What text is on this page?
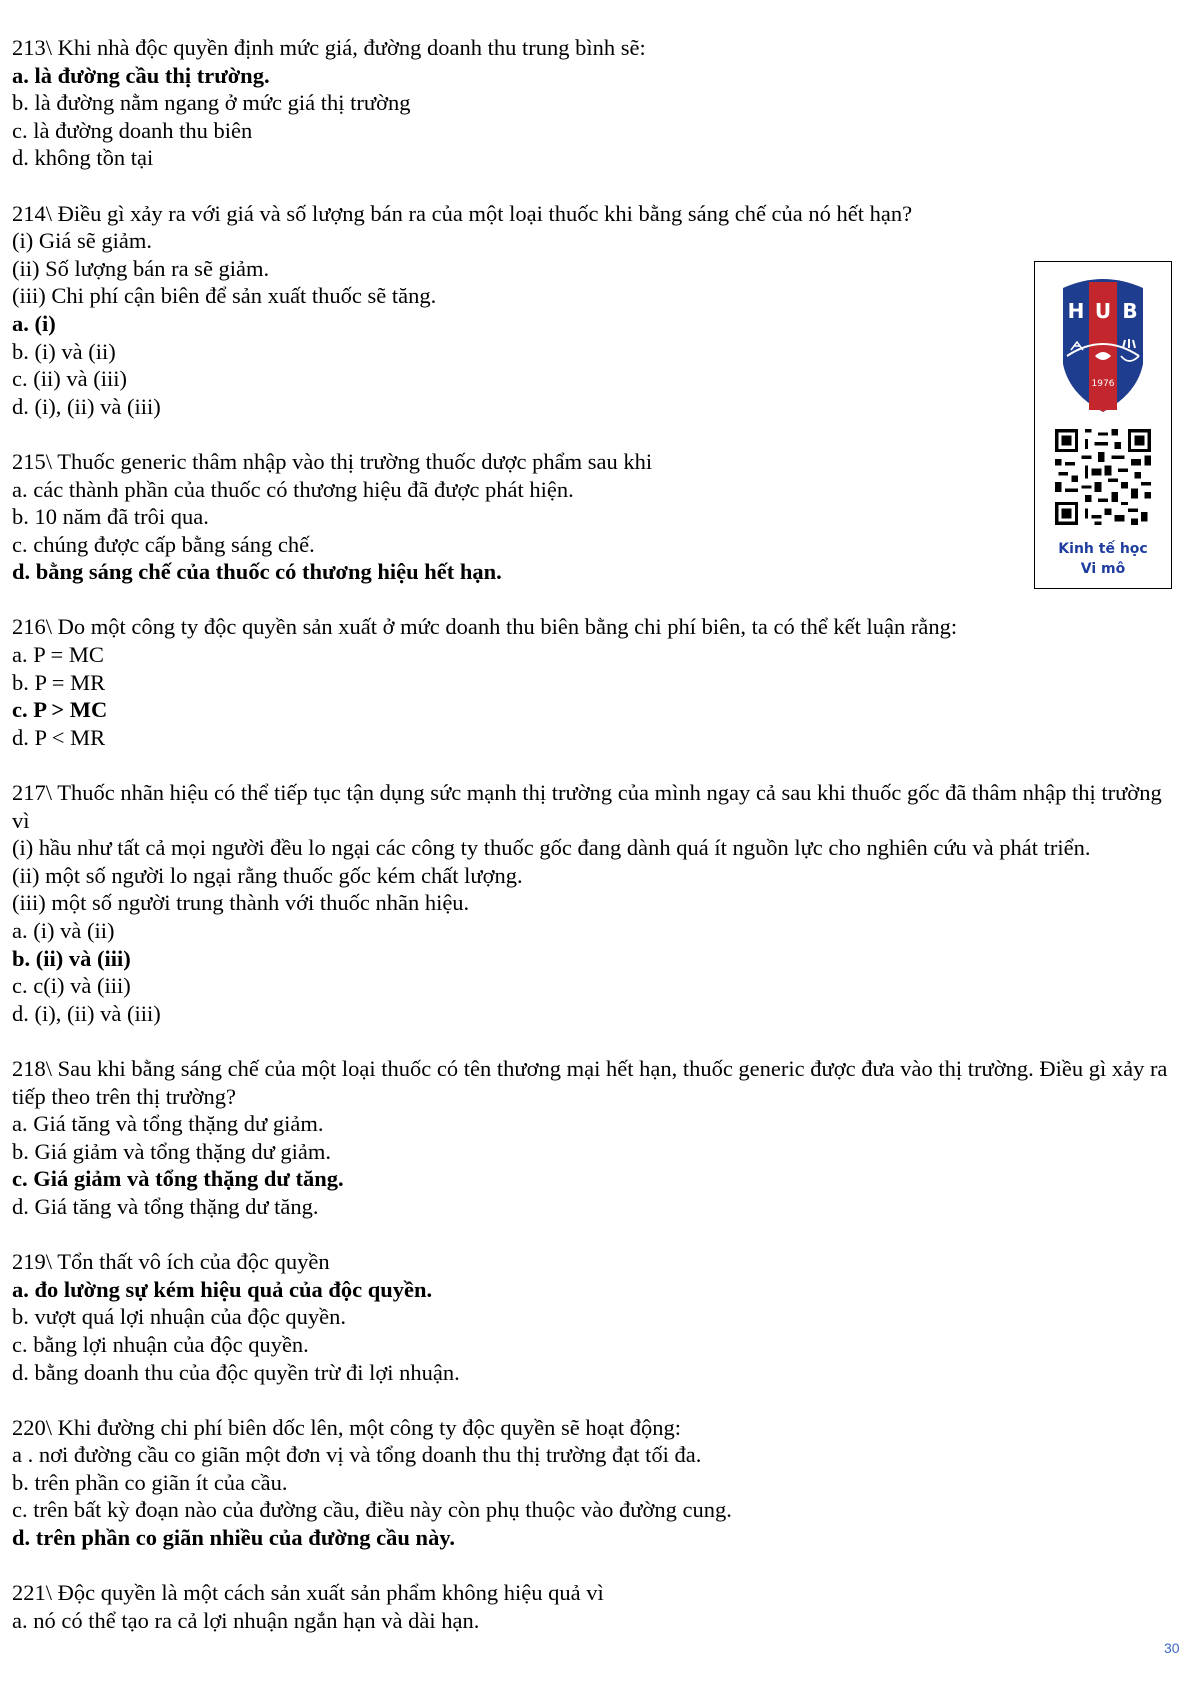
213\ Khi nhà độc quyền định mức giá, đường doanh thu trung bình sẽ:
a. là đường cầu thị trường.
b. là đường nằm ngang ở mức giá thị trường
c. là đường doanh thu biên
d. không tồn tại
214\ Điều gì xảy ra với giá và số lượng bán ra của một loại thuốc khi bằng sáng chế của nó hết hạn?
(i) Giá sẽ giảm.
(ii) Số lượng bán ra sẽ giảm.
(iii) Chi phí cận biên để sản xuất thuốc sẽ tăng.
a. (i)
b. (i) và (ii)
c. (ii) và (iii)
d. (i), (ii) và (iii)
215\ Thuốc generic thâm nhập vào thị trường thuốc dược phẩm sau khi
a. các thành phần của thuốc có thương hiệu đã được phát hiện.
b. 10 năm đã trôi qua.
c. chúng được cấp bằng sáng chế.
d. bằng sáng chế của thuốc có thương hiệu hết hạn.
216\ Do một công ty độc quyền sản xuất ở mức doanh thu biên bằng chi phí biên, ta có thể kết luận rằng:
a. P = MC
b. P = MR
c. P > MC
d. P < MR
217\ Thuốc nhãn hiệu có thể tiếp tục tận dụng sức mạnh thị trường của mình ngay cả sau khi thuốc gốc đã thâm nhập thị trường vì
(i) hầu như tất cả mọi người đều lo ngại các công ty thuốc gốc đang dành quá ít nguồn lực cho nghiên cứu và phát triển.
(ii) một số người lo ngại rằng thuốc gốc kém chất lượng.
(iii) một số người trung thành với thuốc nhãn hiệu.
a. (i) và (ii)
b. (ii) và (iii)
c. c(i) và (iii)
d. (i), (ii) và (iii)
218\ Sau khi bằng sáng chế của một loại thuốc có tên thương mại hết hạn, thuốc generic được đưa vào thị trường. Điều gì xảy ra tiếp theo trên thị trường?
a. Giá tăng và tổng thặng dư giảm.
b. Giá giảm và tổng thặng dư giảm.
c. Giá giảm và tổng thặng dư tăng.
d. Giá tăng và tổng thặng dư tăng.
219\ Tổn thất vô ích của độc quyền
a. đo lường sự kém hiệu quả của độc quyền.
b. vượt quá lợi nhuận của độc quyền.
c. bằng lợi nhuận của độc quyền.
d. bằng doanh thu của độc quyền trừ đi lợi nhuận.
220\ Khi đường chi phí biên dốc lên, một công ty độc quyền sẽ hoạt động:
a . nơi đường cầu co giãn một đơn vị và tổng doanh thu thị trường đạt tối đa.
b. trên phần co giãn ít của cầu.
c. trên bất kỳ đoạn nào của đường cầu, điều này còn phụ thuộc vào đường cung.
d. trên phần co giãn nhiều của đường cầu này.
221\ Độc quyền là một cách sản xuất sản phẩm không hiệu quả vì
a. nó có thể tạo ra cả lợi nhuận ngắn hạn và dài hạn.
H U B
1976
Kinh tế học
Vi mô
30
